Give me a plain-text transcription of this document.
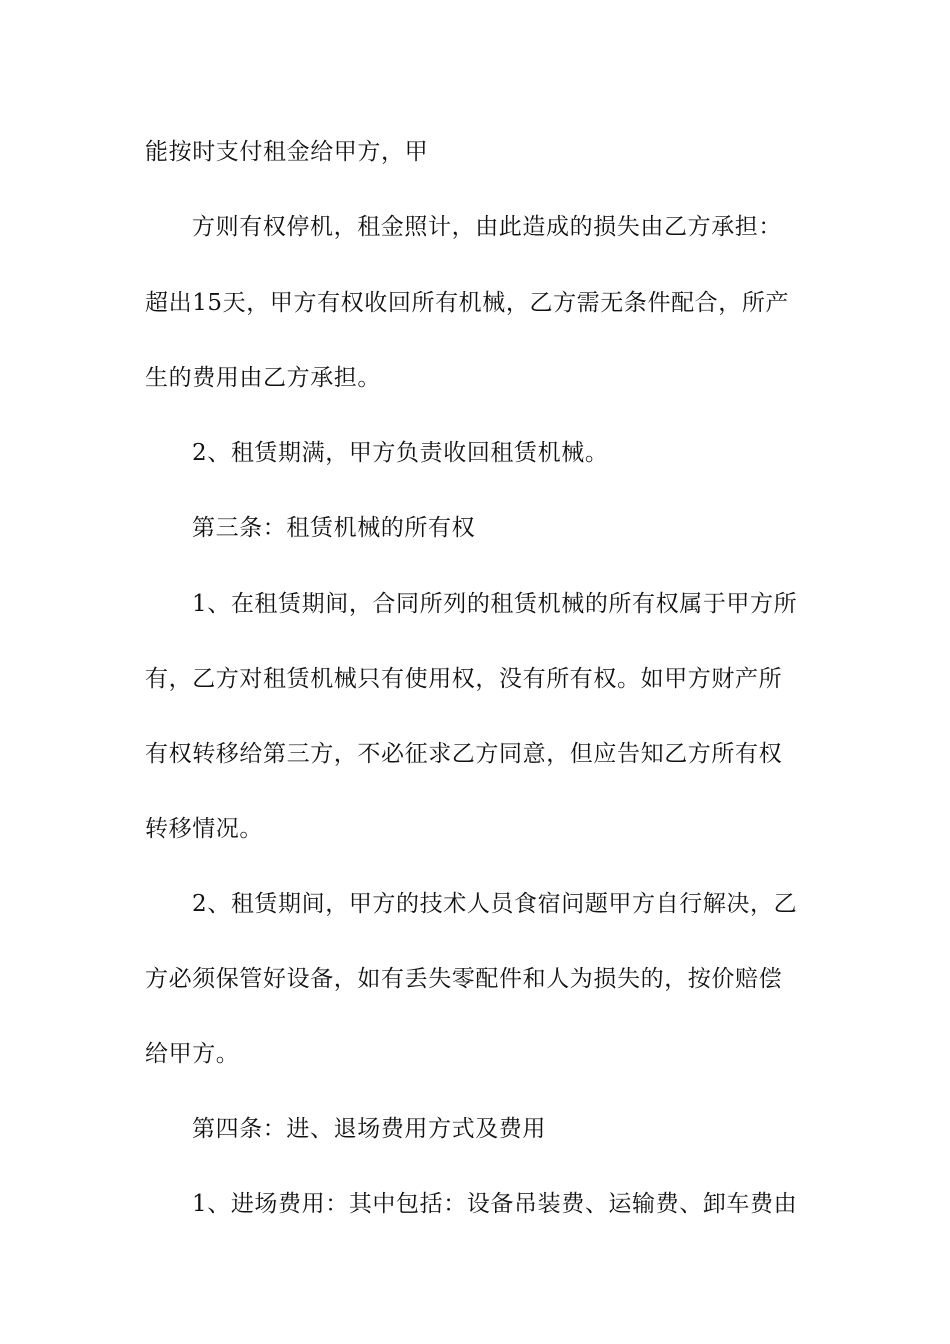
能按时支付租金给甲方，甲
方则有权停机，租金照计，由此造成的损失由乙方承担：
超出15天，甲方有权收回所有机械，乙方需无条件配合，所产
生的费用由乙方承担。
2、租赁期满，甲方负责收回租赁机械。
第三条：租赁机械的所有权
1、在租赁期间，合同所列的租赁机械的所有权属于甲方所
有，乙方对租赁机械只有使用权，没有所有权。如甲方财产所
有权转移给第三方，不必征求乙方同意，但应告知乙方所有权
转移情况。
2、租赁期间，甲方的技术人员食宿问题甲方自行解决，乙
方必须保管好设备，如有丢失零配件和人为损失的，按价赔偿
给甲方。
第四条：进、退场费用方式及费用
1、进场费用：其中包括：设备吊装费、运输费、卸车费由
